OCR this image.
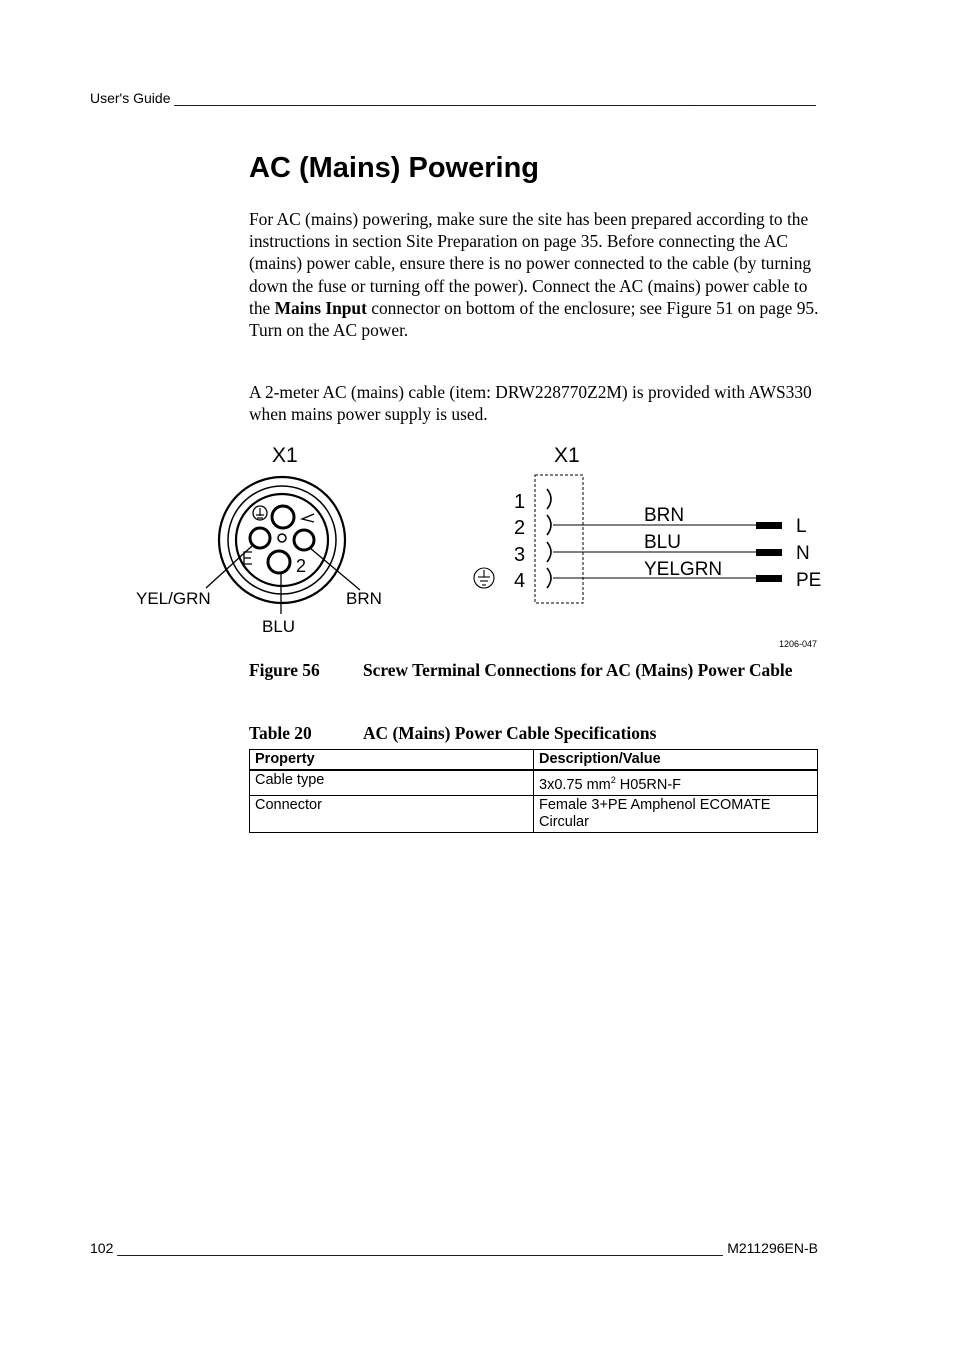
User's Guide _____
AC (Mains) Powering

For AC (mains) powering, make sure the site has been prepared according to the instructions in section Site Preparation on page 35. Before connecting the AC (mains) power cable, ensure there is no power connected to the cable (by turning down the fuse or turning off the power). Connect the AC (mains) power cable to the Mains Input connector on bottom of the enclosure; see Figure 51 on page 95. Turn on the AC power.

A 2-meter AC (mains) cable (item: DRW228770Z2M) is provided with AWS330 when mains power supply is used.

X1
2
YEL/GRN	BRN
BLU
X1
1
2
3
4
BRN
BLU
YELGRN
L
N
PE
1206-047
Figure 56	Screw Terminal Connections for AC (Mains) Power Cable
Table 20	AC (Mains) Power Cable Specifications
Property	Description/Value
Cable type	3x0.75 $mm^2$ H05RN-F
Connector	Female 3+PE Amphenol ECOMATE Circular
102 _____	M211296EN-B
